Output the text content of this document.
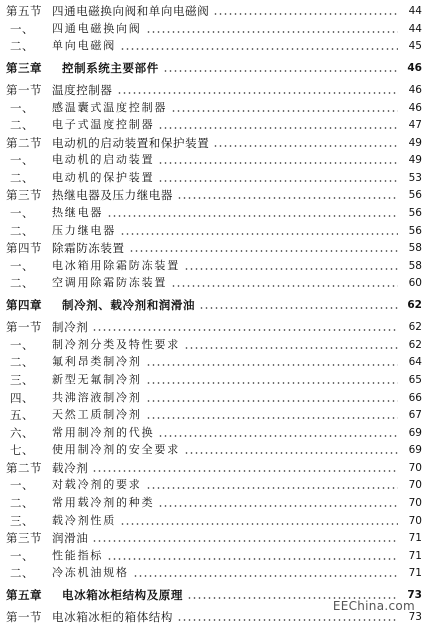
第五节 四通电磁换向阀和单向电磁阀	44
一、	四通电磁换向阀	44
二、	单向电磁阀	45
第三章	控制系统主要部件	46
第一节 温度控制器	46
一、	感温囊式温度控制器	46
二、	电子式温度控制器	47
第二节 电动机的启动装置和保护装置	49
一、	电动机的启动装置	49
二、	电动机的保护装置	53
第三节 热继电器及压力继电器	56
一、	热继电器	56
二、	压力继电器	56
第四节 除霜防冻装置	58
一、	电冰箱用除霜防冻装置	58
二、	空调用除霜防冻装置	60
第四章	制冷剂、载冷剂和润滑油	62
第一节 制冷剂	62
一、	制冷剂分类及特性要求	62
二、	氟利昂类制冷剂	64
三、	新型无氟制冷剂	65
四、	共沸溶液制冷剂	66
五、	天然工质制冷剂	67
六、	常用制冷剂的代换	69
七、	使用制冷剂的安全要求	69
第二节 载冷剂	70
一、	对载冷剂的要求	70
二、	常用载冷剂的种类	70
三、	载冷剂性质	70
第三节 润滑油	71
一、	性能指标	71
二、	冷冻机油规格	71
第五章	电冰箱冰柜结构及原理	73
第一节 电冰箱冰柜的箱体结构	73
EEChina.com
